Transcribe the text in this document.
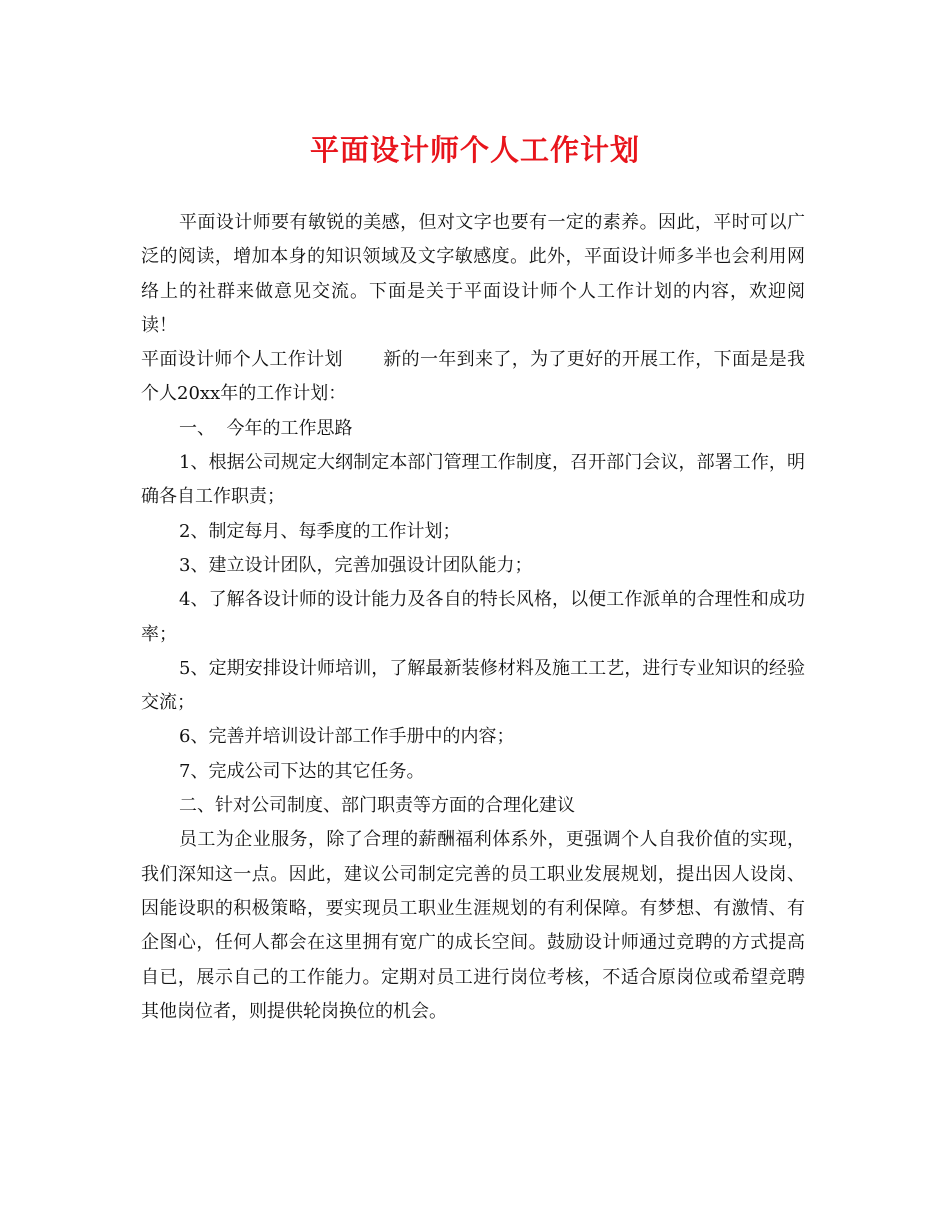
平面设计师个人工作计划

平面设计师要有敏锐的美感，但对文字也要有一定的素养。因此，平时可以广泛的阅读，增加本身的知识领域及文字敏感度。此外，平面设计师多半也会利用网络上的社群来做意见交流。下面是关于平面设计师个人工作计划的内容，欢迎阅读！

平面设计师个人工作计划 新的一年到来了，为了更好的开展工作，下面是是我个人20xx年的工作计划：

一、  今年的工作思路

1、根据公司规定大纲制定本部门管理工作制度，召开部门会议，部署工作，明确各自工作职责；

2、制定每月、每季度的工作计划；

3、建立设计团队，完善加强设计团队能力；

4、了解各设计师的设计能力及各自的特长风格，以便工作派单的合理性和成功率；

5、定期安排设计师培训，了解最新装修材料及施工工艺，进行专业知识的经验交流；

6、完善并培训设计部工作手册中的内容；

7、完成公司下达的其它任务。

二、针对公司制度、部门职责等方面的合理化建议

员工为企业服务，除了合理的薪酬福利体系外，更强调个人自我价值的实现，我们深知这一点。因此，建议公司制定完善的员工职业发展规划，提出因人设岗、因能设职的积极策略，要实现员工职业生涯规划的有利保障。有梦想、有激情、有企图心，任何人都会在这里拥有宽广的成长空间。鼓励设计师通过竞聘的方式提高自已，展示自己的工作能力。定期对员工进行岗位考核，不适合原岗位或希望竞聘其他岗位者，则提供轮岗换位的机会。
